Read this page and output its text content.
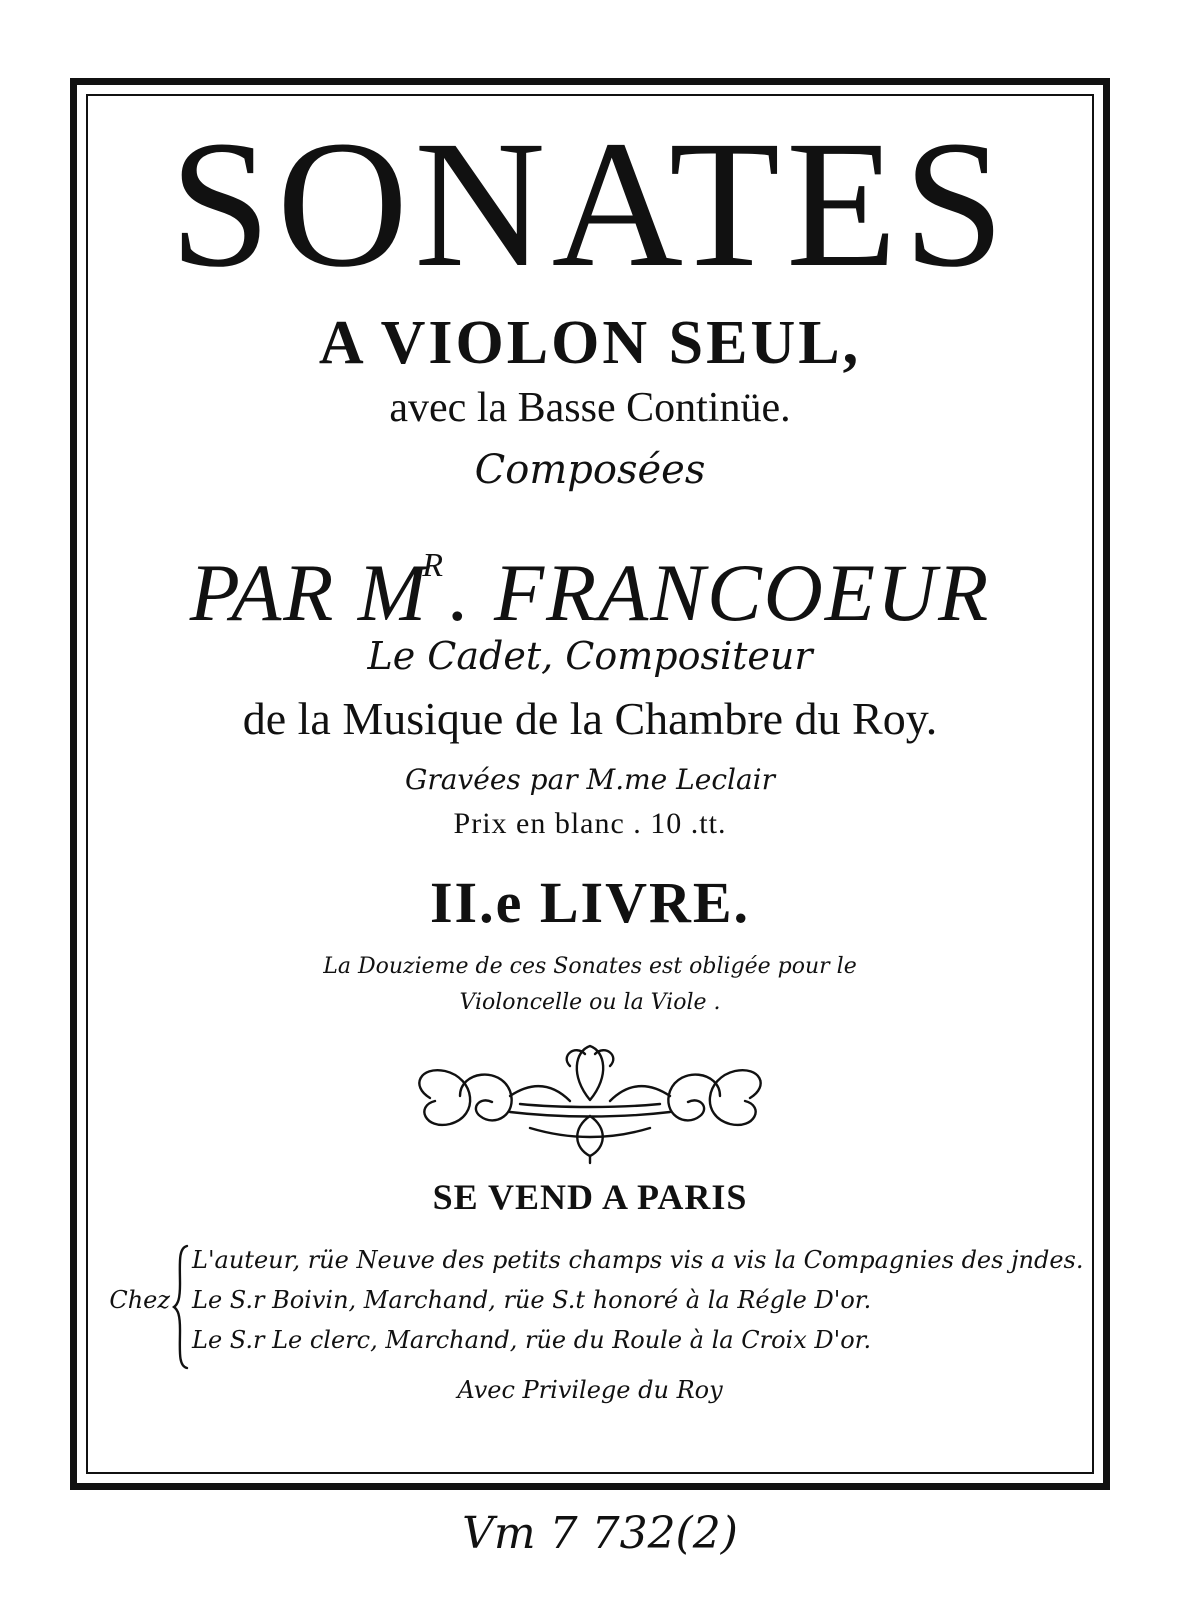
SONATES
A VIOLON SEUL,
avec la Basse Continüe.
Composées
PAR $M^R$. FRANCOEUR
Le Cadet, Compositeur
de la Musique de la Chambre du Roy.
Gravées par M.me Leclair
Prix en blanc . 10 .tt.
II.e LIVRE.
La Douzieme de ces Sonates est obligée pour le
Violoncelle ou la Viole .
SE VEND A PARIS
Chez
L'auteur, rüe Neuve des petits champs vis a vis la Compagnies des jndes.
Le S.r Boivin, Marchand, rüe S.t honoré à la Régle D'or.
Le S.r Le clerc, Marchand, rüe du Roule à la Croix D'or.
Avec Privilege du Roy
Vm 7 732(2)
